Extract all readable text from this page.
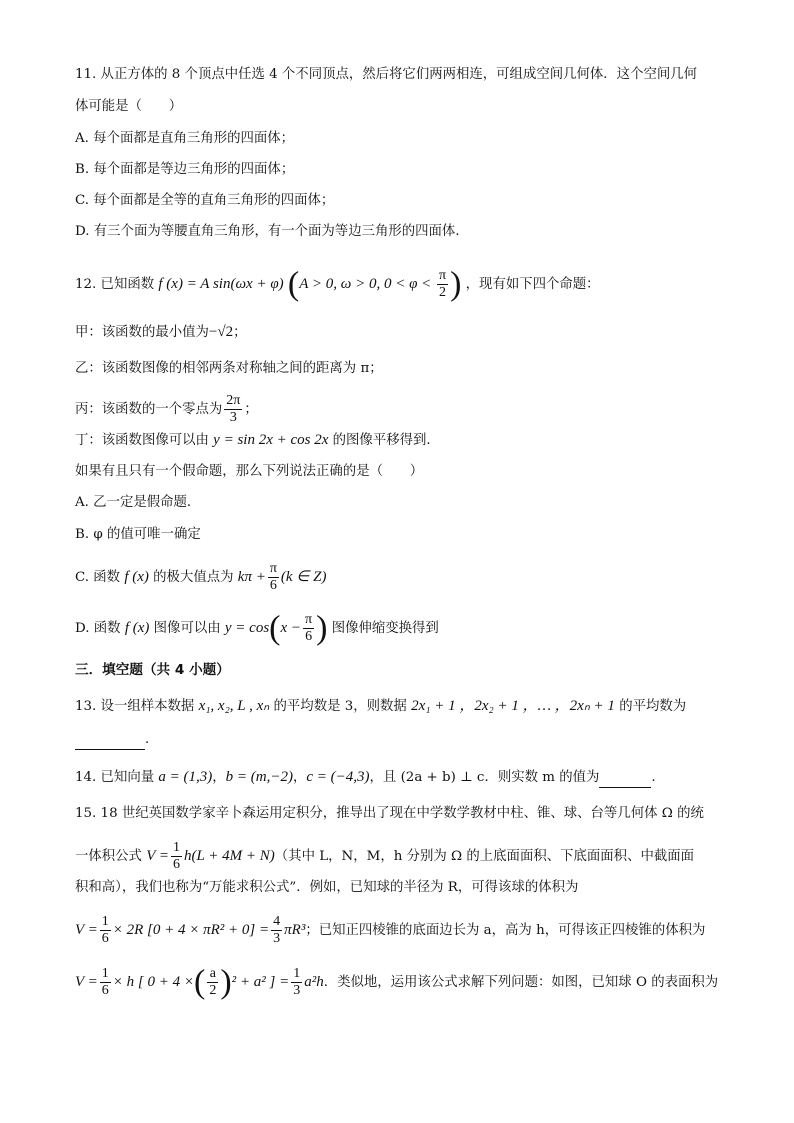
11. 从正方体的 8 个顶点中任选 4 个不同顶点，然后将它们两两相连，可组成空间几何体．这个空间几何
体可能是（　　）
A. 每个面都是直角三角形的四面体；
B. 每个面都是等边三角形的四面体；
C. 每个面都是全等的直角三角形的四面体；
D. 有三个面为等腰直角三角形，有一个面为等边三角形的四面体．
12. 已知函数 f (x) = A sin(ωx + φ) (A > 0, ω > 0, $0 < \varphi < \frac{\pi}{2}$ ) ，现有如下四个命题：
甲：该函数的最小值为−√2；
乙：该函数图像的相邻两条对称轴之间的距离为 π；
丙：该函数的一个零点为 $\frac{2\pi}{3}$ ；
丁：该函数图像可以由 y = sin 2x + cos 2x 的图像平移得到．
如果有且只有一个假命题，那么下列说法正确的是（　　）
A. 乙一定是假命题．
B. φ 的值可唯一确定
C. 函数 f (x) 的极大值点为 $k\pi + \frac{\pi}{6} (k$ ∈ Z)
D. 函数 f (x) 图像可以由 $y = \cos(x - \frac{\pi}{6}$ ) 图像伸缩变换得到
三．填空题（共 4 小题）
13. 设一组样本数据 x₁, x₂, L , xₙ 的平均数是 3，则数据 2x₁ + 1 ，2x₂ + 1 ，… ，2xₙ + 1 的平均数为
.
14. 已知向量 a = (1,3)，b = (m,−2)，c = (−4,3)，且 (2a + b) ⊥ c．则实数 m 的值为	.
15. 18 世纪英国数学家辛卜森运用定积分，推导出了现在中学数学教材中柱、锥、球、台等几何体 Ω 的统
一体积公式 $V = \frac{1}{6} h(L + 4M + N)$（其中 L，N，M，h 分别为 Ω 的上底面面积、下底面面积、中截面面
积和高），我们也称为“万能求积公式”．例如，已知球的半径为 R，可得该球的体积为
$V = \frac{1}{6} \times 2R$ $[0 + 4 \times \pi R^2 + 0] = \frac{4}{3} \pi R^3$；已知正四棱锥的底面边长为 a，高为 h，可得该正四棱锥的体积为
$V = \frac{1}{6} \times h$ [ 0 + 4 ×( $\frac{a}{2} )^2 + a^2$ ] = $\frac{1}{3} a^2h$．类似地，运用该公式求解下列问题：如图，已知球 O 的表面积为
